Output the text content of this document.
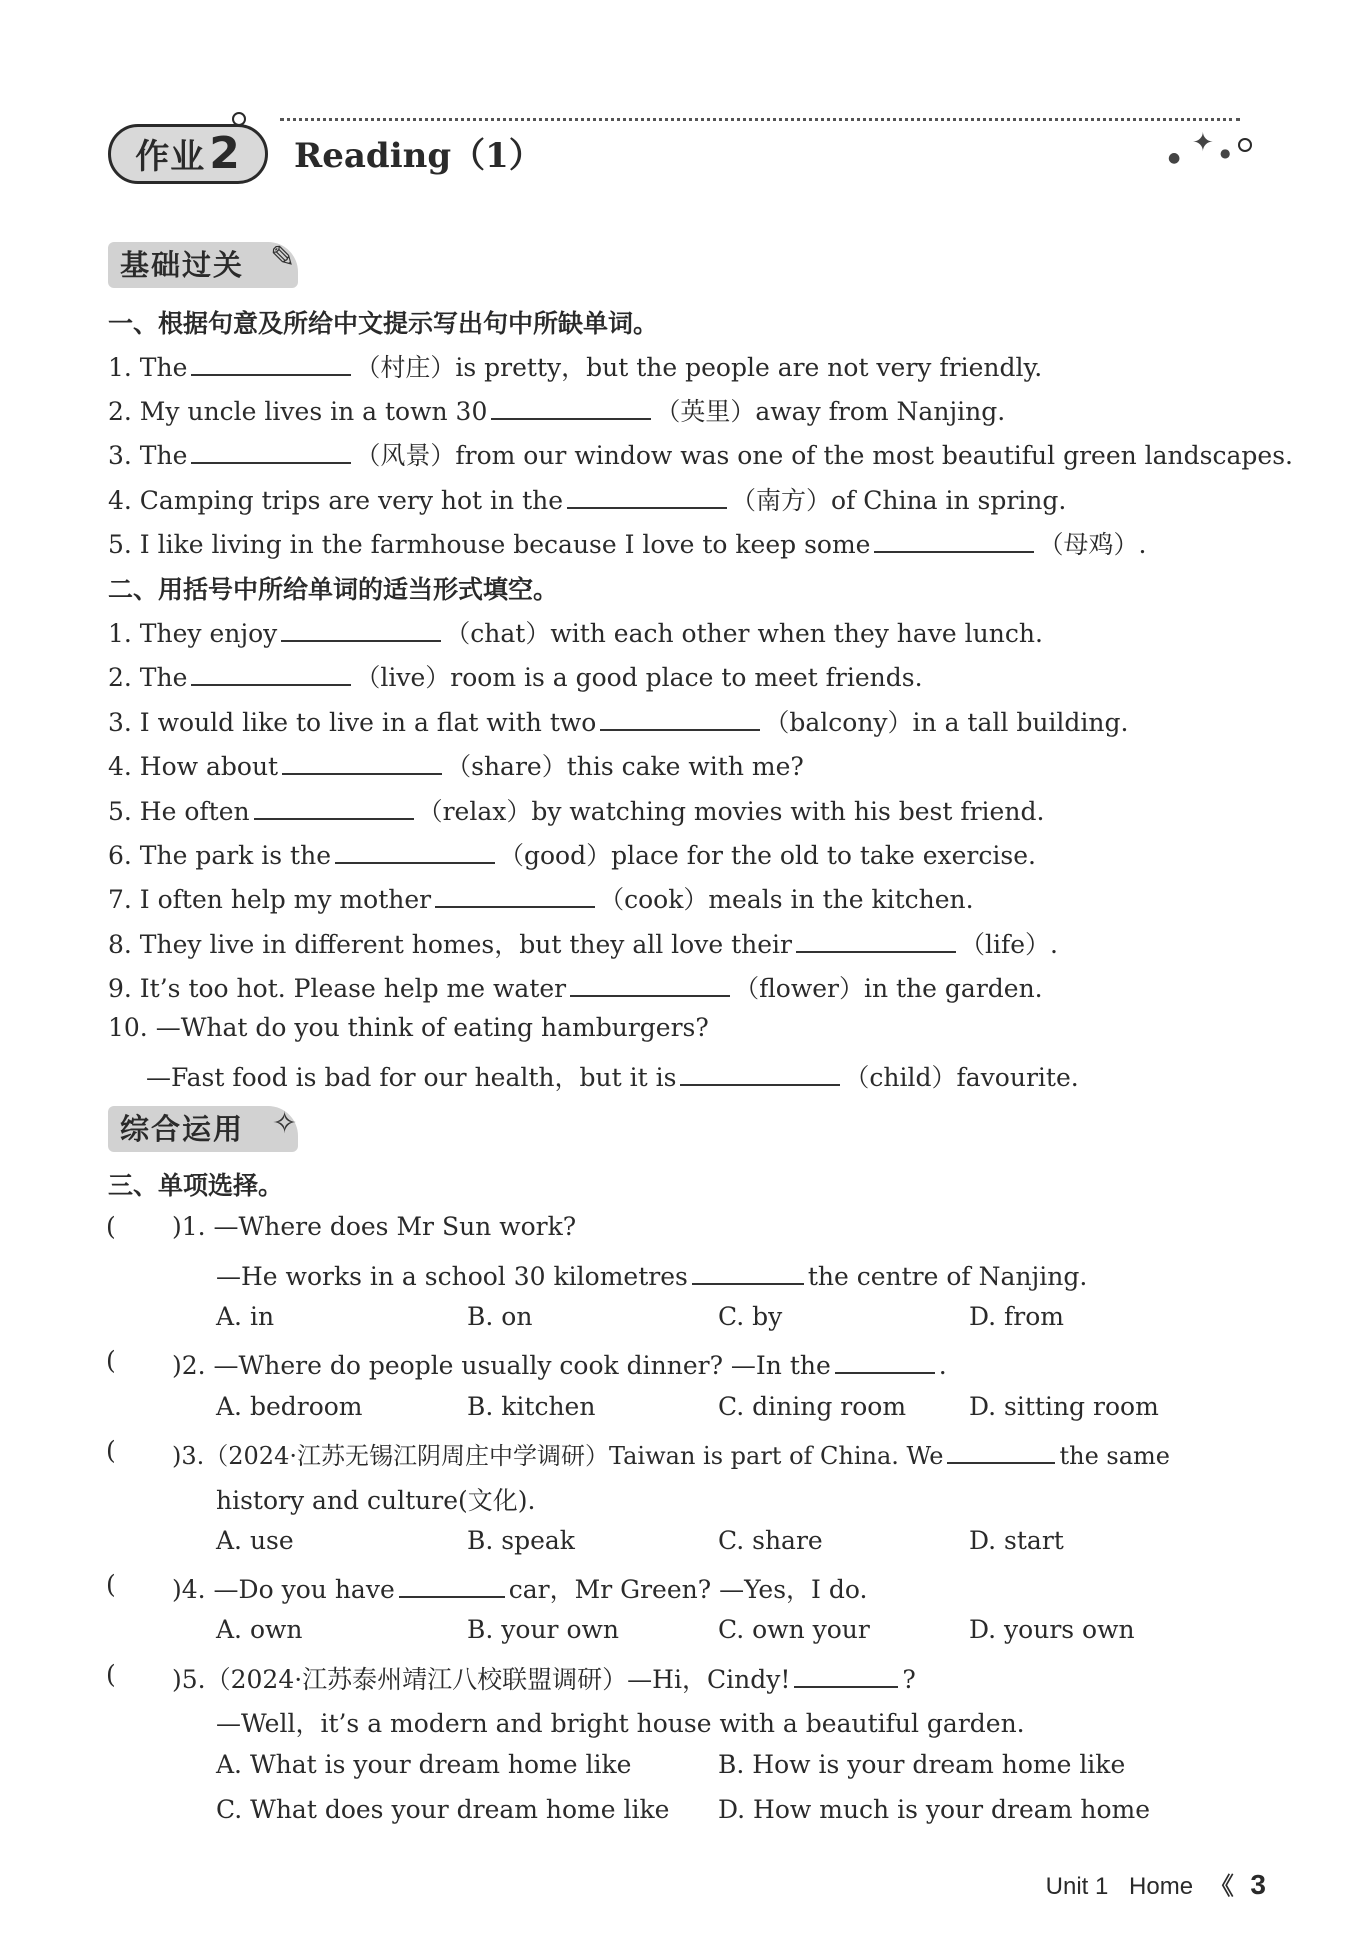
作业2	Reading（1）	● ✦ ●
基础过关 ✎
一、根据句意及所给中文提示写出句中所缺单词。
1. The	（村庄）is pretty，but the people are not very friendly.
2. My uncle lives in a town 30	（英里）away from Nanjing.
3. The	（风景）from our window was one of the most beautiful green landscapes.
4. Camping trips are very hot in the	（南方）of China in spring.
5. I like living in the farmhouse because I love to keep some	（母鸡）.
二、用括号中所给单词的适当形式填空。
1. They enjoy	（chat）with each other when they have lunch.
2. The	（live）room is a good place to meet friends.
3. I would like to live in a flat with two	（balcony）in a tall building.
4. How about	（share）this cake with me?
5. He often	（relax）by watching movies with his best friend.
6. The park is the	（good）place for the old to take exercise.
7. I often help my mother	（cook）meals in the kitchen.
8. They live in different homes，but they all love their	（life）.
9. It’s too hot. Please help me water	（flower）in the garden.
10. —What do you think of eating hamburgers?
—Fast food is bad for our health，but it is	（child）favourite.
综合运用 ✧
三、单项选择。
( )1. —Where does Mr Sun work?
—He works in a school 30 kilometres	the centre of Nanjing.
A. in	B. on	C. by	D. from
( )2. —Where do people usually cook dinner? —In the	.
A. bedroom	B. kitchen	C. dining room	D. sitting room
( )3.（2024·江苏无锡江阴周庄中学调研）Taiwan is part of China. We	the same
history and culture(文化).
A. use	B. speak	C. share	D. start
( )4. —Do you have	car，Mr Green? —Yes，I do.
A. own	B. your own	C. own your	D. yours own
( )5.（2024·江苏泰州靖江八校联盟调研）—Hi，Cindy!	?
—Well，it’s a modern and bright house with a beautiful garden.
A. What is your dream home like	B. How is your dream home like
C. What does your dream home like D. How much is your dream home
Unit 1 Home 《 3
